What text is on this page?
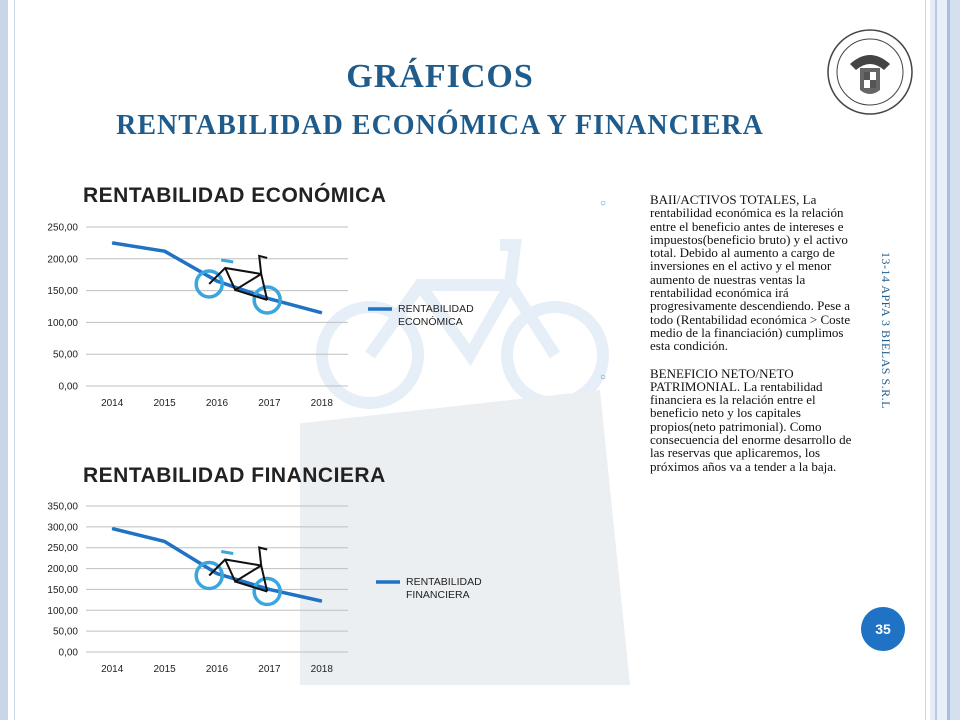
GRÁFICOS
RENTABILIDAD ECONÓMICA Y FINANCIERA
RENTABILIDAD ECONÓMICA
RENTABILIDAD FINANCIERA
0,00
50,00
100,00
150,00
200,00
250,00
2014	2015	2016	2017	2018
RENTABILIDAD
ECONÓMICA
0,00
50,00
100,00
150,00
200,00
250,00
300,00
350,00
2014	2015	2016	2017	2018
RENTABILIDAD
FINANCIERA
○	BAII/ACTIVOS TOTALES, La rentabilidad económica es la relación entre el beneficio antes de intereses e impuestos(beneficio bruto) y el activo total. Debido al aumento a cargo de inversiones en el activo y el menor aumento de nuestras ventas la rentabilidad económica irá progresivamente descendiendo. Pese a todo (Rentabilidad económica > Coste medio de la financiación) cumplimos esta condición.
○	BENEFICIO NETO/NETO PATRIMONIAL. La rentabilidad financiera es la relación entre el beneficio neto y los capitales propios(neto patrimonial). Como consecuencia del enorme desarrollo de las reservas que aplicaremos, los próximos años va a tender a la baja.
13-14 APFA 3 BIELAS S.R.L
35
